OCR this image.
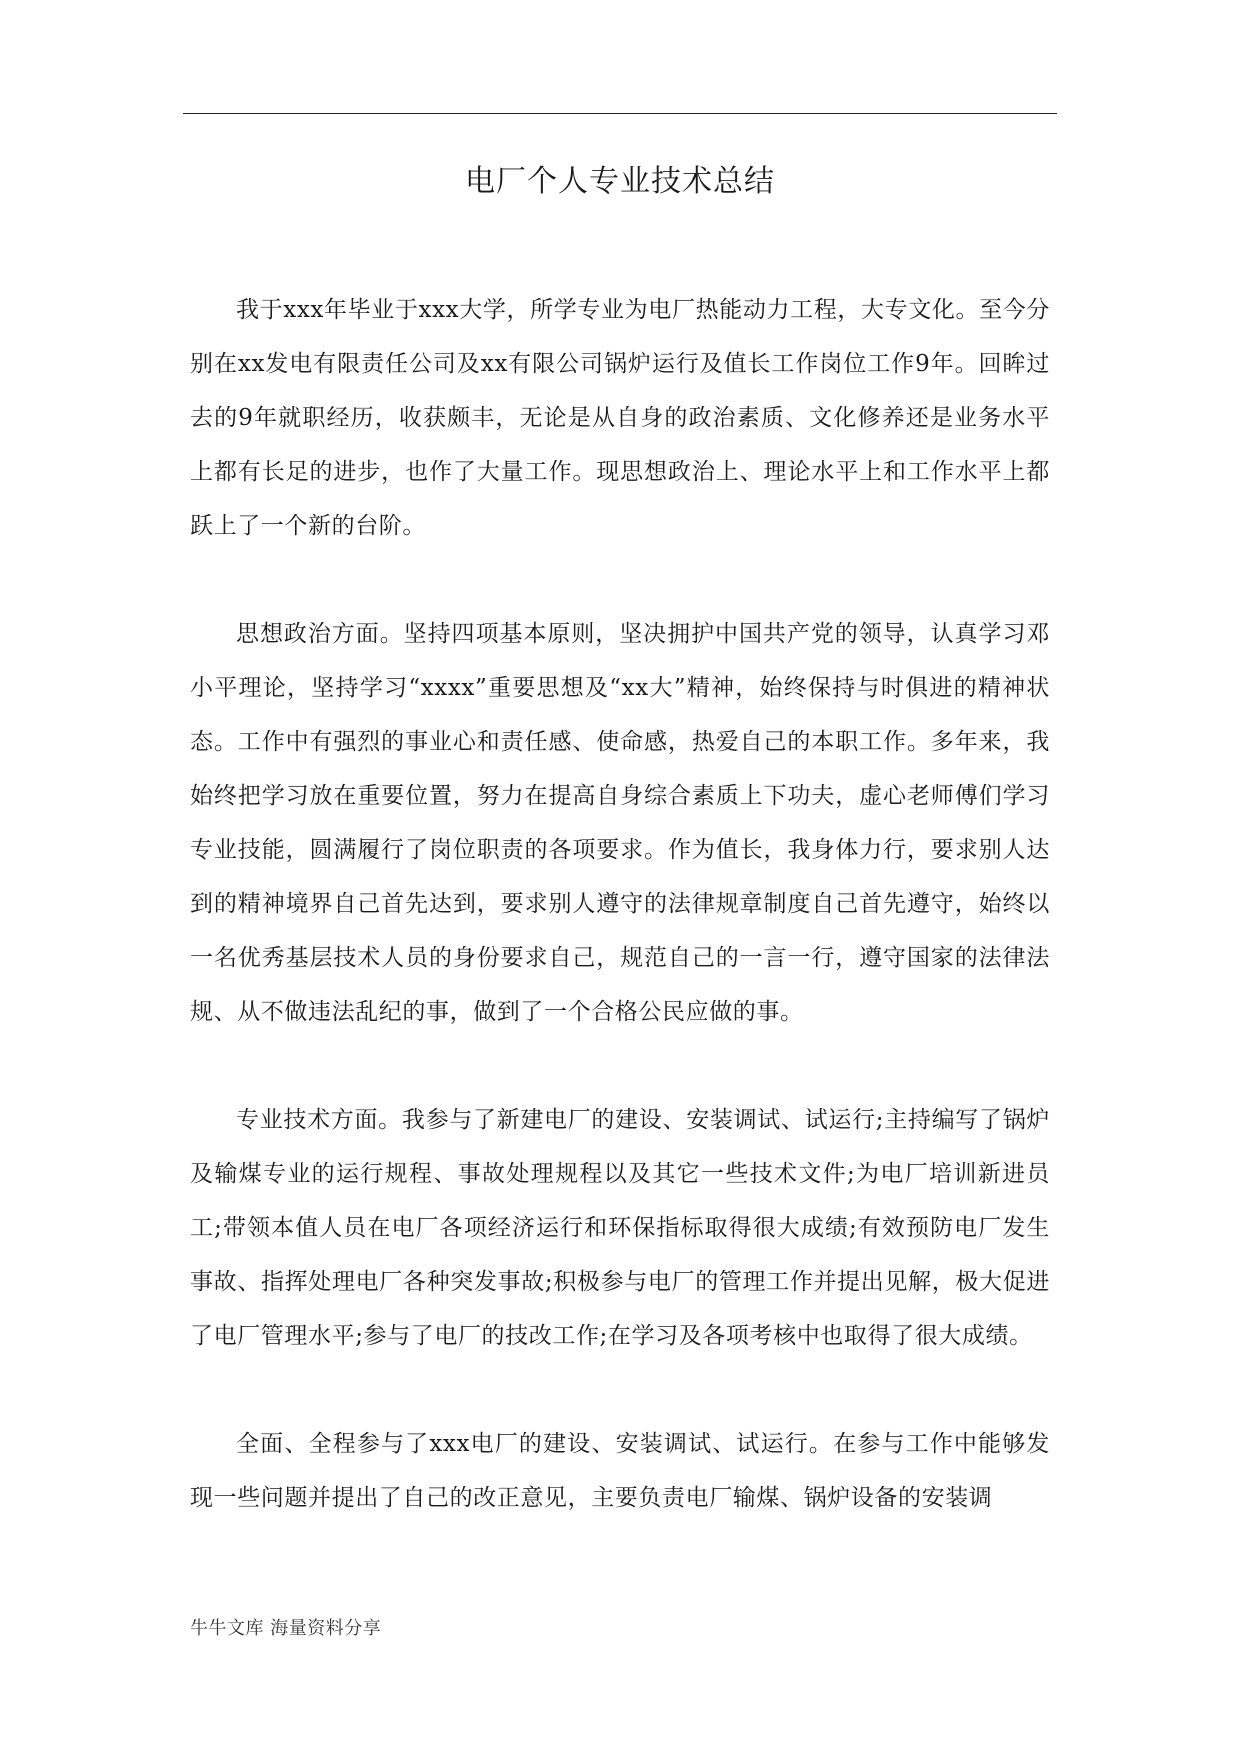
电厂个人专业技术总结

我于xxx年毕业于xxx大学，所学专业为电厂热能动力工程，大专文化。至今分别在xx发电有限责任公司及xx有限公司锅炉运行及值长工作岗位工作9年。回眸过去的9年就职经历，收获颇丰，无论是从自身的政治素质、文化修养还是业务水平上都有长足的进步，也作了大量工作。现思想政治上、理论水平上和工作水平上都跃上了一个新的台阶。

思想政治方面。坚持四项基本原则，坚决拥护中国共产党的领导，认真学习邓小平理论，坚持学习“xxxx”重要思想及“xx大”精神，始终保持与时俱进的精神状态。工作中有强烈的事业心和责任感、使命感，热爱自己的本职工作。多年来，我始终把学习放在重要位置，努力在提高自身综合素质上下功夫，虚心老师傅们学习专业技能，圆满履行了岗位职责的各项要求。作为值长，我身体力行，要求别人达到的精神境界自己首先达到，要求别人遵守的法律规章制度自己首先遵守，始终以一名优秀基层技术人员的身份要求自己，规范自己的一言一行，遵守国家的法律法规、从不做违法乱纪的事，做到了一个合格公民应做的事。

专业技术方面。我参与了新建电厂的建设、安装调试、试运行;主持编写了锅炉及输煤专业的运行规程、事故处理规程以及其它一些技术文件;为电厂培训新进员工;带领本值人员在电厂各项经济运行和环保指标取得很大成绩;有效预防电厂发生事故、指挥处理电厂各种突发事故;积极参与电厂的管理工作并提出见解，极大促进了电厂管理水平;参与了电厂的技改工作;在学习及各项考核中也取得了很大成绩。

全面、全程参与了xxx电厂的建设、安装调试、试运行。在参与工作中能够发现一些问题并提出了自己的改正意见，主要负责电厂输煤、锅炉设备的安装调

牛牛文库 海量资料分享
